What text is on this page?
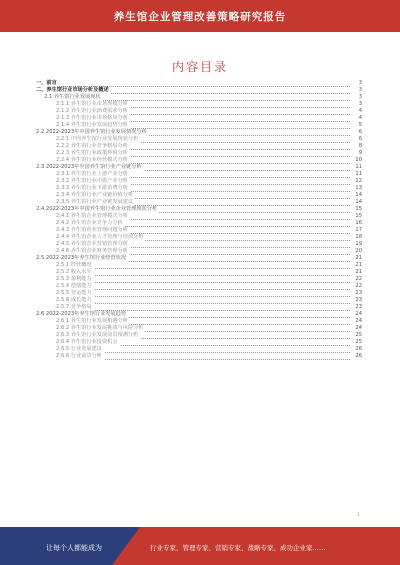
养生馆企业管理改善策略研究报告
内容目录
一、前言	3
二、养生馆行业市场分析及概述	3
2.1 养生馆行业发展现状	3
2.1.1 养生馆行业市场规模分析	3
2.1.2 养生馆行业消费需求分析	4
2.1.3 养生馆行业市场格局分析	4
2.1.4 养生馆行业发展趋势分析	5
2.2 2022-2023年中国养生馆行业发展情况分析	6
2.2.1 中国养生馆行业发展现状分析	6
2.2.2 养生馆行业竞争格局分析	8
2.2.3 养生馆行业政策环境分析	9
2.2.4 养生馆行业经营模式分析	10
2.3 2022-2023年中国养生馆行业产业链分析	11
2.3.1 养生馆行业上游产业分析	11
2.3.2 养生馆行业中游产业分析	12
2.3.3 养生馆行业下游消费分析	13
2.3.4 养生馆行业产业链价值分析	14
2.3.5 养生馆行业产业链发展建议	14
2.4 2022-2023年中国养生馆行业企业管理现状分析	15
2.4.1 养生馆企业管理模式分析	15
2.4.2 养生馆企业竞争力分析	16
2.4.3 养生馆企业管理问题分析	17
2.4.4 养生馆企业人才管理与培训分析	18
2.4.5 养生馆企业营销管理分析	19
2.4.6 养生馆企业财务管理分析	20
2.5 2022-2023年养生馆行业经营状况	21
2.5.1 经营概况	21
2.5.2 收入水平	21
2.5.3 盈利能力	22
2.5.4 偿债能力	22
2.5.5 营运能力	23
2.5.6 成长能力	23
2.5.7 竞争格局	23
2.6 2022-2023年养生馆行业发展趋势	24
2.6.1 养生馆行业发展机遇分析	24
2.6.2 养生馆行业发展挑战与风险分析	24
2.6.3 养生馆行业发展前景预测分析	25
2.6.4 养生馆行业投资机会	25
2.6.5 行业发展建议	26
2.6.6 行业前景分析	26
1
让每个人都能成为	行业专家、管理专家、营销专家、战略专家、成功企业家……
